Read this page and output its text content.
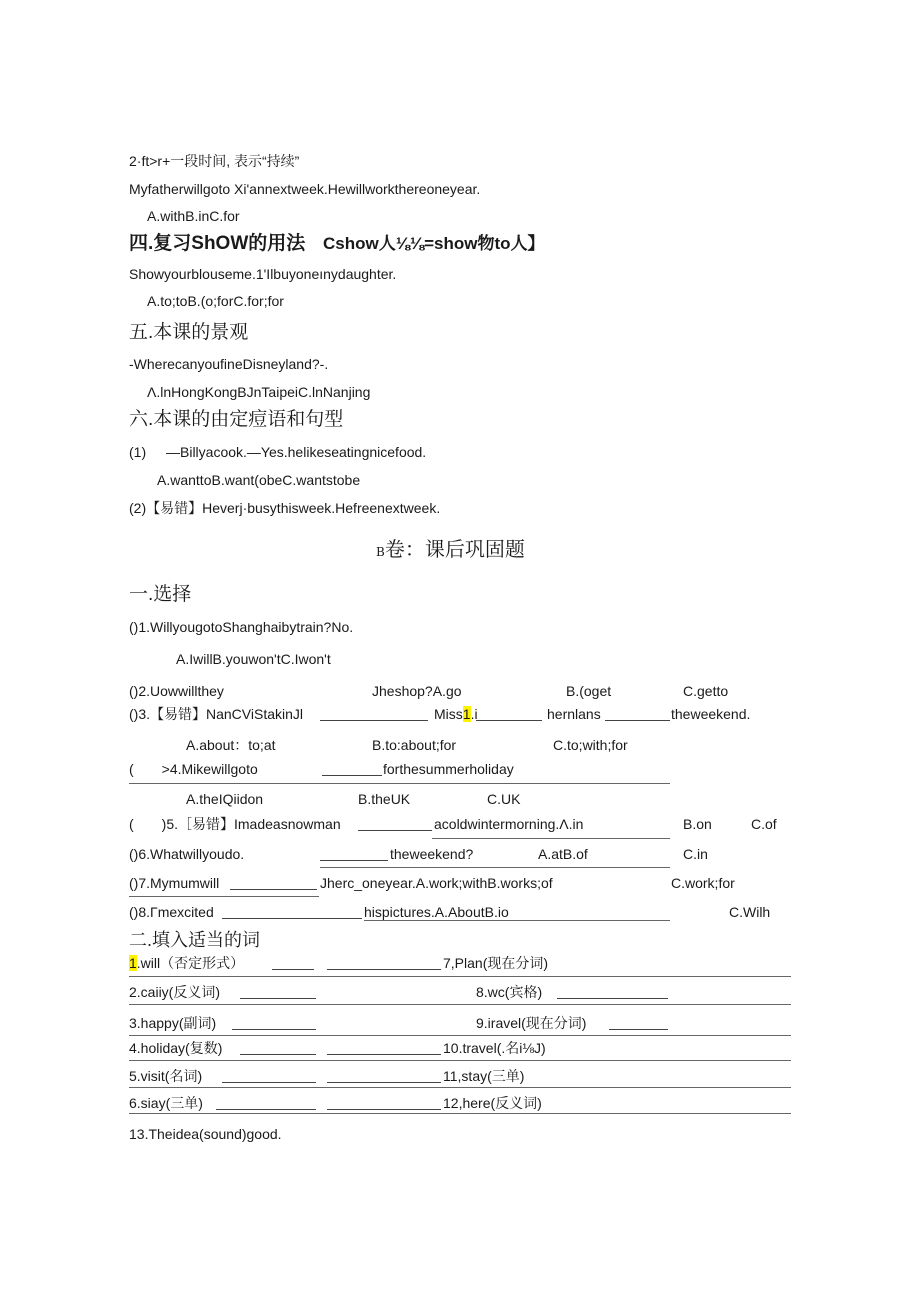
2·ft>r+一段时间, 表示“持续”
Myfatherwillgoto Xi'annextweek.Hewillworkthereoneyear.
A.withB.inC.for
四.复习ShOW的用法 Cshow人⅛⅛=show物to人】
Showyourblouseme.1'Ilbuyoneınydaughter.
A.to;toB.(o;forC.for;for
五.本课的景观
-WherecanyoufineDisneyland?-.
Λ.lnHongKongBJnTaipeiC.lnNanjing
六.本课的由定痘语和句型
(1) —Billyacook.—Yes.helikeseatingnicefood.
A.wanttoB.want(obeC.wantstobe
(2)【易错】Heverj·busythisweek.Hefreenextweek.
B卷：课后巩固题
一.选择
()1.WillyougotoShanghaibytrain?No.
A.IwillB.youwon'tC.Iwon't
()2.Uowwillthey	Jheshop?A.go	B.(oget	C.getto
()3.【易错】NanCViStakinJl	Miss1.i	hernlans	theweekend.
A.about：to;at	B.to:about;for	C.to;with;for
(　　>4.Mikewillgoto	forthesummerholiday
A.theIQiidon	B.theUK	C.UK
(　　)5.［易错】Imadeasnowman	acoldwintermorning.Λ.in	B.on	C.of
()6.Whatwillyoudo.	theweekend?	A.atB.of	C.in
()7.Mymumwill	Jherc_oneyear.A.work;withB.works;of	C.work;for
()8.Γmexcited	hispictures.A.AboutB.io	C.Wilh
二.填入适当的词
1.will（否定形式）	7,Plan(现在分词)
2.caiiy(反义词)	8.wc(宾格)
3.happy(副词)	9.iravel(现在分词)
4.holiday(复数)	10.travel(.名i⅛J)
5.visit(名词)	11,stay(三单)
6.siay(三单)	12,here(反义词)
13.Theidea(sound)good.
